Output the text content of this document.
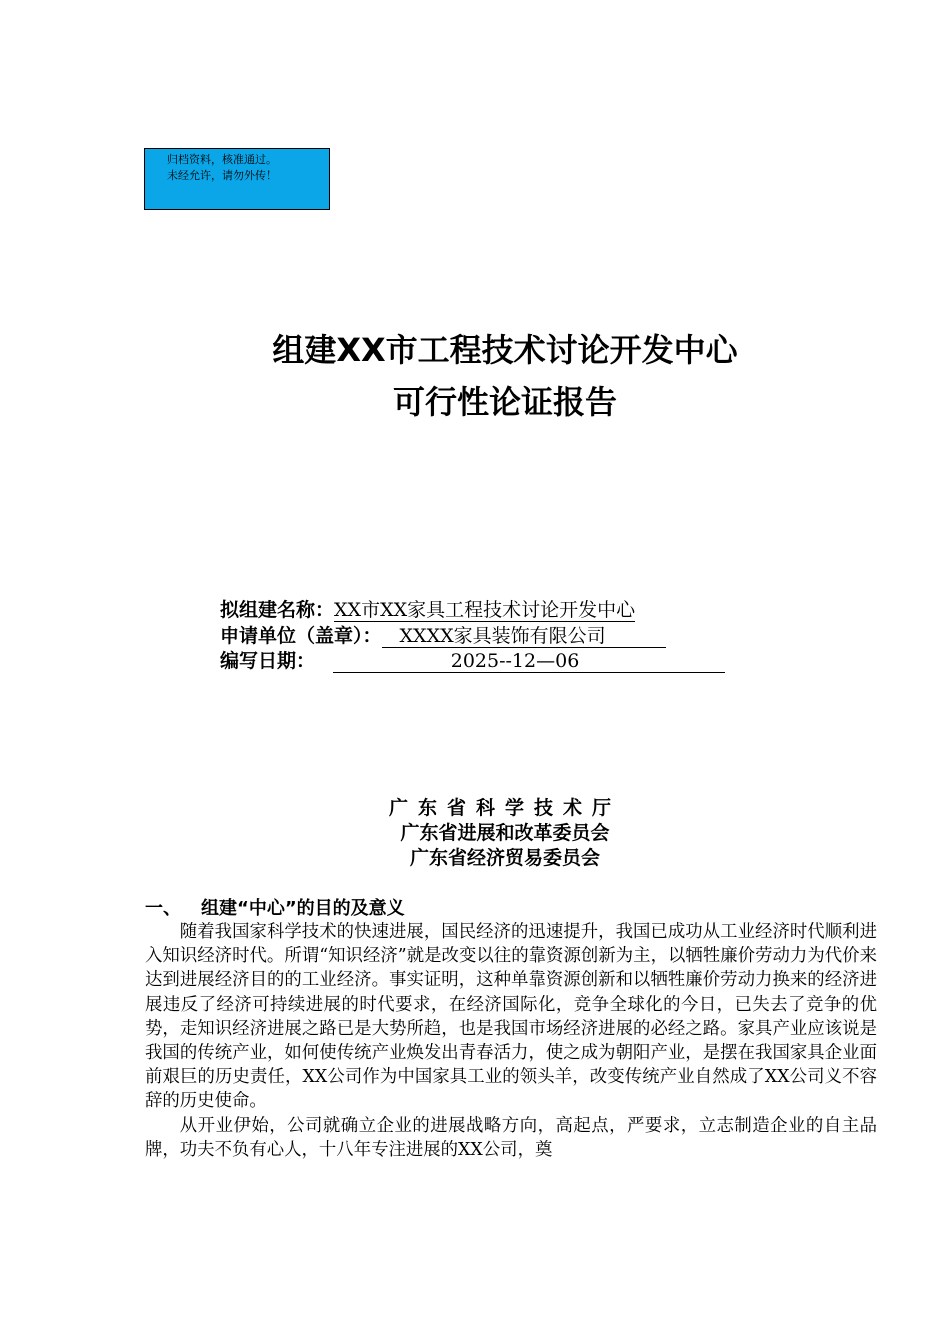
归档资料，核准通过。
未经允许，请勿外传！
组建XX市工程技术讨论开发中心
可行性论证报告
拟组建名称：XX市XX家具工程技术讨论开发中心
申请单位（盖章）： XXXX家具装饰有限公司
编写日期：	2025--12—06
广东省科学技术厅
广东省进展和改革委员会
广东省经济贸易委员会
一、 组建“中心”的目的及意义

随着我国家科学技术的快速进展，国民经济的迅速提升，我国已成功从工业经济时代顺利进入知识经济时代。所谓“知识经济”就是改变以往的靠资源创新为主，以牺牲廉价劳动力为代价来达到进展经济目的的工业经济。事实证明，这种单靠资源创新和以牺牲廉价劳动力换来的经济进展违反了经济可持续进展的时代要求，在经济国际化，竞争全球化的今日，已失去了竞争的优势，走知识经济进展之路已是大势所趋，也是我国市场经济进展的必经之路。家具产业应该说是我国的传统产业，如何使传统产业焕发出青春活力，使之成为朝阳产业，是摆在我国家具企业面前艰巨的历史责任，XX公司作为中国家具工业的领头羊，改变传统产业自然成了XX公司义不容辞的历史使命。

从开业伊始，公司就确立企业的进展战略方向，高起点，严要求，立志制造企业的自主品牌，功夫不负有心人，十八年专注进展的XX公司，奠
